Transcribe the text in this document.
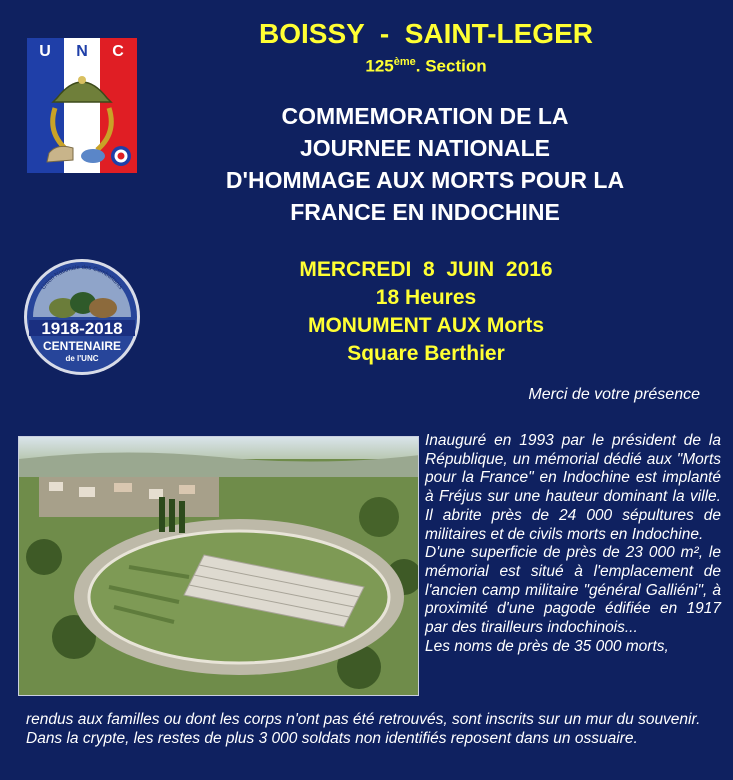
U N C
Union Nationale des Combattants
1918-2018
CENTENAIRE
de l'UNC
BOISSY  -  SAINT-LEGER
125ème. Section
COMMEMORATION DE LA
JOURNEE NATIONALE
D'HOMMAGE AUX MORTS POUR LA
FRANCE EN INDOCHINE
MERCREDI  8  JUIN  2016
18 Heures
MONUMENT AUX Morts
Square Berthier
Merci de votre présence

Inauguré en 1993 par le président de la République, un mémorial dédié aux "Morts pour la France" en Indochine est implanté à Fréjus sur une hauteur dominant la ville. Il abrite près de 24 000 sépultures de militaires et de civils morts en Indochine.

D'une superficie de près de 23 000 m², le mémorial est situé à l'emplacement de l'ancien camp militaire "général Galliéni", à proximité d'une pagode édifiée en 1917 par des tirailleurs indochinois...

Les noms de près de 35 000 morts,

rendus aux familles ou dont les corps n'ont pas été retrouvés, sont inscrits sur un mur du souvenir.

Dans la crypte, les restes de plus 3 000 soldats non identifiés reposent dans un ossuaire.
